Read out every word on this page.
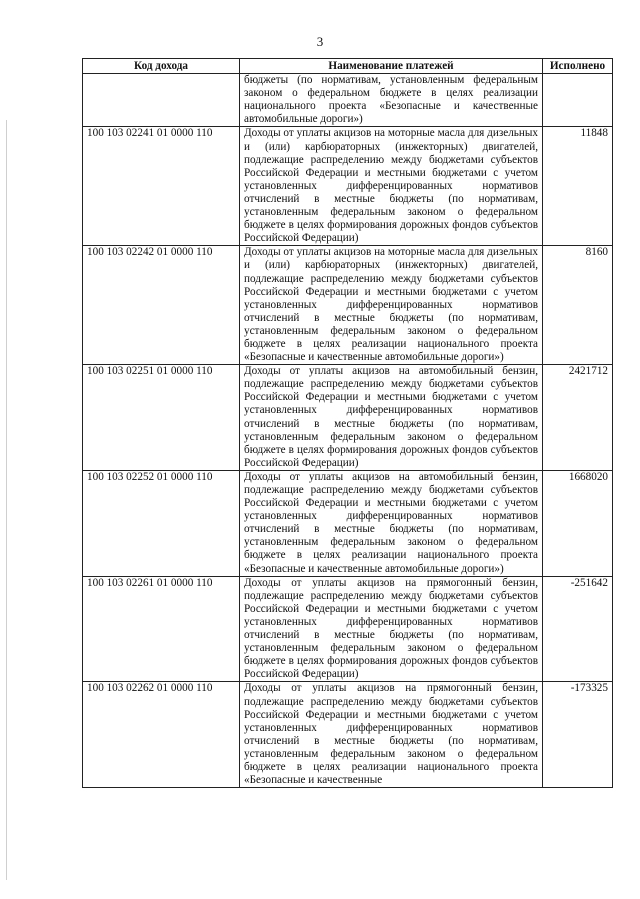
3
Код дохода	Наименование платежей	Исполнено
	бюджеты (по нормативам, установленным федеральным законом о федеральном бюджете в целях реализации национального проекта «Безопасные и качественные автомобильные дороги»)	
100 103 02241 01 0000 110	Доходы от уплаты акцизов на моторные масла для дизельных и (или) карбюраторных (инжекторных) двигателей, подлежащие распределению между бюджетами субъектов Российской Федерации и местными бюджетами с учетом установленных дифференцированных нормативов отчислений в местные бюджеты (по нормативам, установленным федеральным законом о федеральном бюджете в целях формирования дорожных фондов субъектов Российской Федерации)	11848
100 103 02242 01 0000 110	Доходы от уплаты акцизов на моторные масла для дизельных и (или) карбюраторных (инжекторных) двигателей, подлежащие распределению между бюджетами субъектов Российской Федерации и местными бюджетами с учетом установленных дифференцированных нормативов отчислений в местные бюджеты (по нормативам, установленным федеральным законом о федеральном бюджете в целях реализации национального проекта «Безопасные и качественные автомобильные дороги»)	8160
100 103 02251 01 0000 110	Доходы от уплаты акцизов на автомобильный бензин, подлежащие распределению между бюджетами субъектов Российской Федерации и местными бюджетами с учетом установленных дифференцированных нормативов отчислений в местные бюджеты (по нормативам, установленным федеральным законом о федеральном бюджете в целях формирования дорожных фондов субъектов Российской Федерации)	2421712
100 103 02252 01 0000 110	Доходы от уплаты акцизов на автомобильный бензин, подлежащие распределению между бюджетами субъектов Российской Федерации и местными бюджетами с учетом установленных дифференцированных нормативов отчислений в местные бюджеты (по нормативам, установленным федеральным законом о федеральном бюджете в целях реализации национального проекта «Безопасные и качественные автомобильные дороги»)	1668020
100 103 02261 01 0000 110	Доходы от уплаты акцизов на прямогонный бензин, подлежащие распределению между бюджетами субъектов Российской Федерации и местными бюджетами с учетом установленных дифференцированных нормативов отчислений в местные бюджеты (по нормативам, установленным федеральным законом о федеральном бюджете в целях формирования дорожных фондов субъектов Российской Федерации)	-251642
100 103 02262 01 0000 110	Доходы от уплаты акцизов на прямогонный бензин, подлежащие распределению между бюджетами субъектов Российской Федерации и местными бюджетами с учетом установленных дифференцированных нормативов отчислений в местные бюджеты (по нормативам, установленным федеральным законом о федеральном бюджете в целях реализации национального проекта «Безопасные и качественные	-173325
